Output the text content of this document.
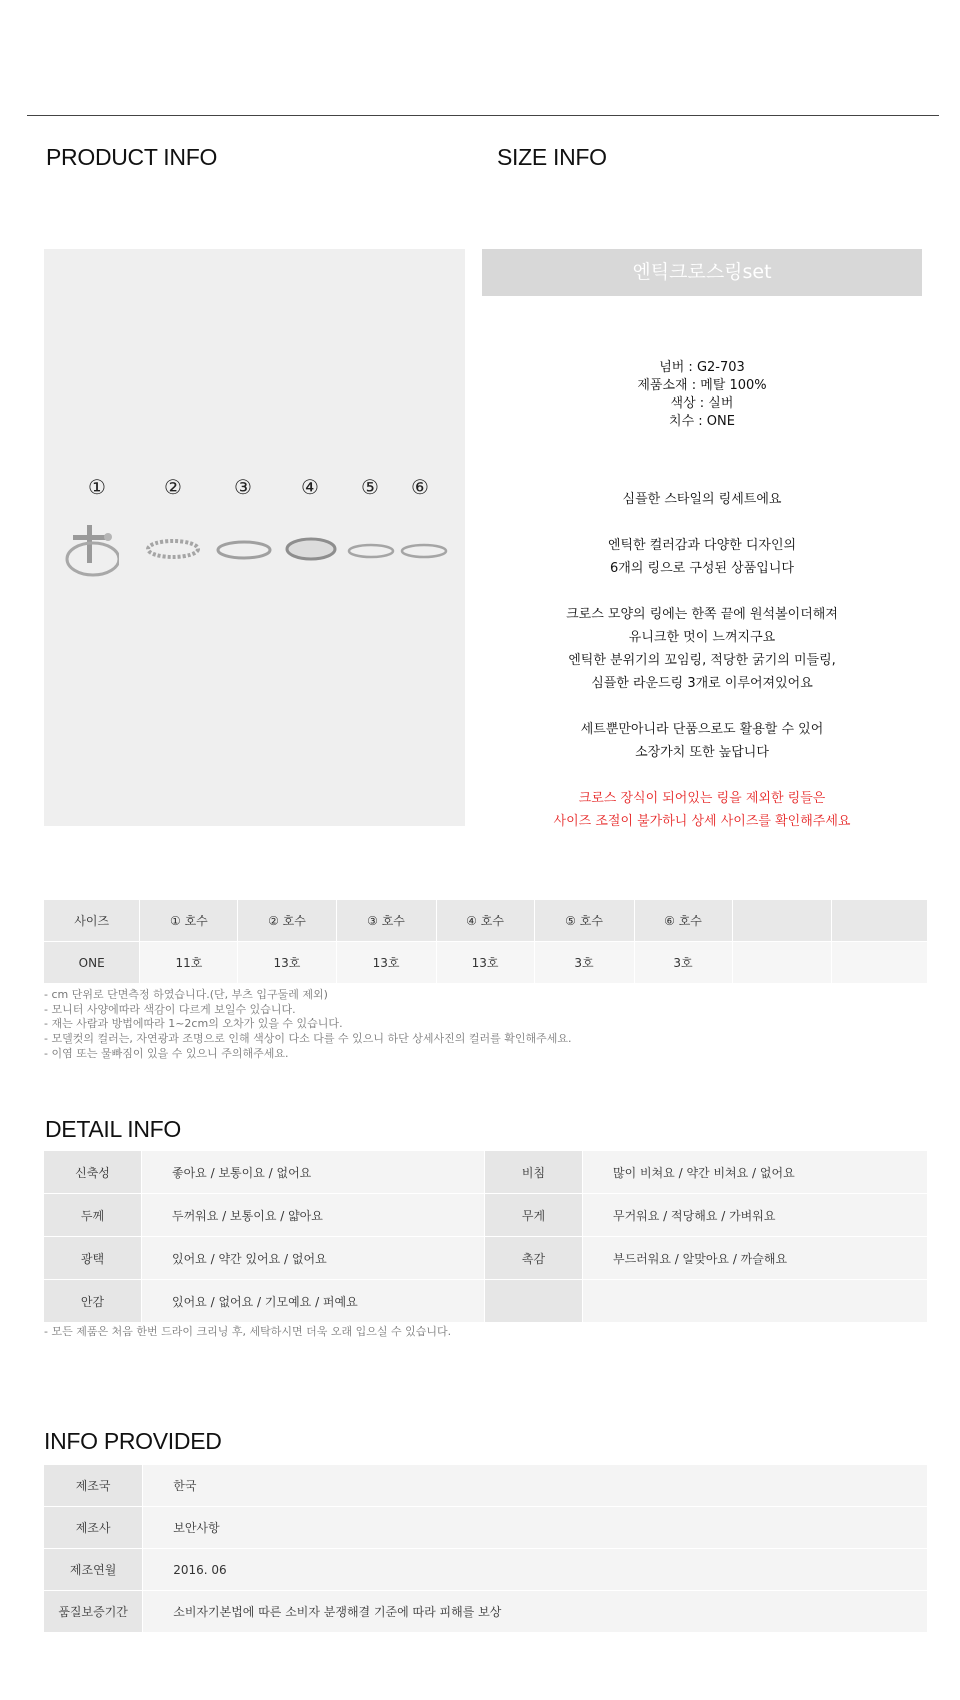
PRODUCT INFO	SIZE INFO
①	②	③ ④ ⑤ ⑥
엔틱크로스링set
넘버 : G2-703
제품소재 : 메탈 100%
색상 : 실버
치수 : ONE
심플한 스타일의 링세트에요
엔틱한 컬러감과 다양한 디자인의
6개의 링으로 구성된 상품입니다
크로스 모양의 링에는 한쪽 끝에 원석볼이더해져
유니크한 멋이 느껴지구요
엔틱한 분위기의 꼬임링, 적당한 굵기의 미들링,
심플한 라운드링 3개로 이루어져있어요
세트뿐만아니라 단품으로도 활용할 수 있어
소장가치 또한 높답니다
크로스 장식이 되어있는 링을 제외한 링들은
사이즈 조절이 불가하니 상세 사이즈를 확인해주세요
사이즈	① 호수	② 호수	③ 호수	④ 호수	⑤ 호수	⑥ 호수		
ONE	11호	13호	13호	13호	3호	3호		
- cm 단위로 단면측정 하였습니다.(단, 부츠 입구둘레 제외)
- 모니터 사양에따라 색감이 다르게 보일수 있습니다.
- 재는 사람과 방법에따라 1~2cm의 오차가 있을 수 있습니다.
- 모델컷의 컬러는, 자연광과 조명으로 인해 색상이 다소 다를 수 있으니 하단 상세사진의 컬러를 확인해주세요.
- 이염 또는 물빠짐이 있을 수 있으니 주의해주세요.
DETAIL INFO
신축성	좋아요 / 보통이요 / 없어요	비침	많이 비쳐요 / 약간 비쳐요 / 없어요
두께	두꺼워요 / 보통이요 / 얇아요	무게	무거워요 / 적당해요 / 가벼워요
광택	있어요 / 약간 있어요 / 없어요	촉감	부드러워요 / 알맞아요 / 까슬해요
안감	있어요 / 없어요 / 기모예요 / 퍼예요		
- 모든 제품은 처음 한번 드라이 크리닝 후, 세탁하시면 더욱 오래 입으실 수 있습니다.
INFO PROVIDED
제조국	한국
제조사	보안사항
제조연월	2016. 06
품질보증기간	소비자기본법에 따른 소비자 분쟁해결 기준에 따라 피해를 보상
